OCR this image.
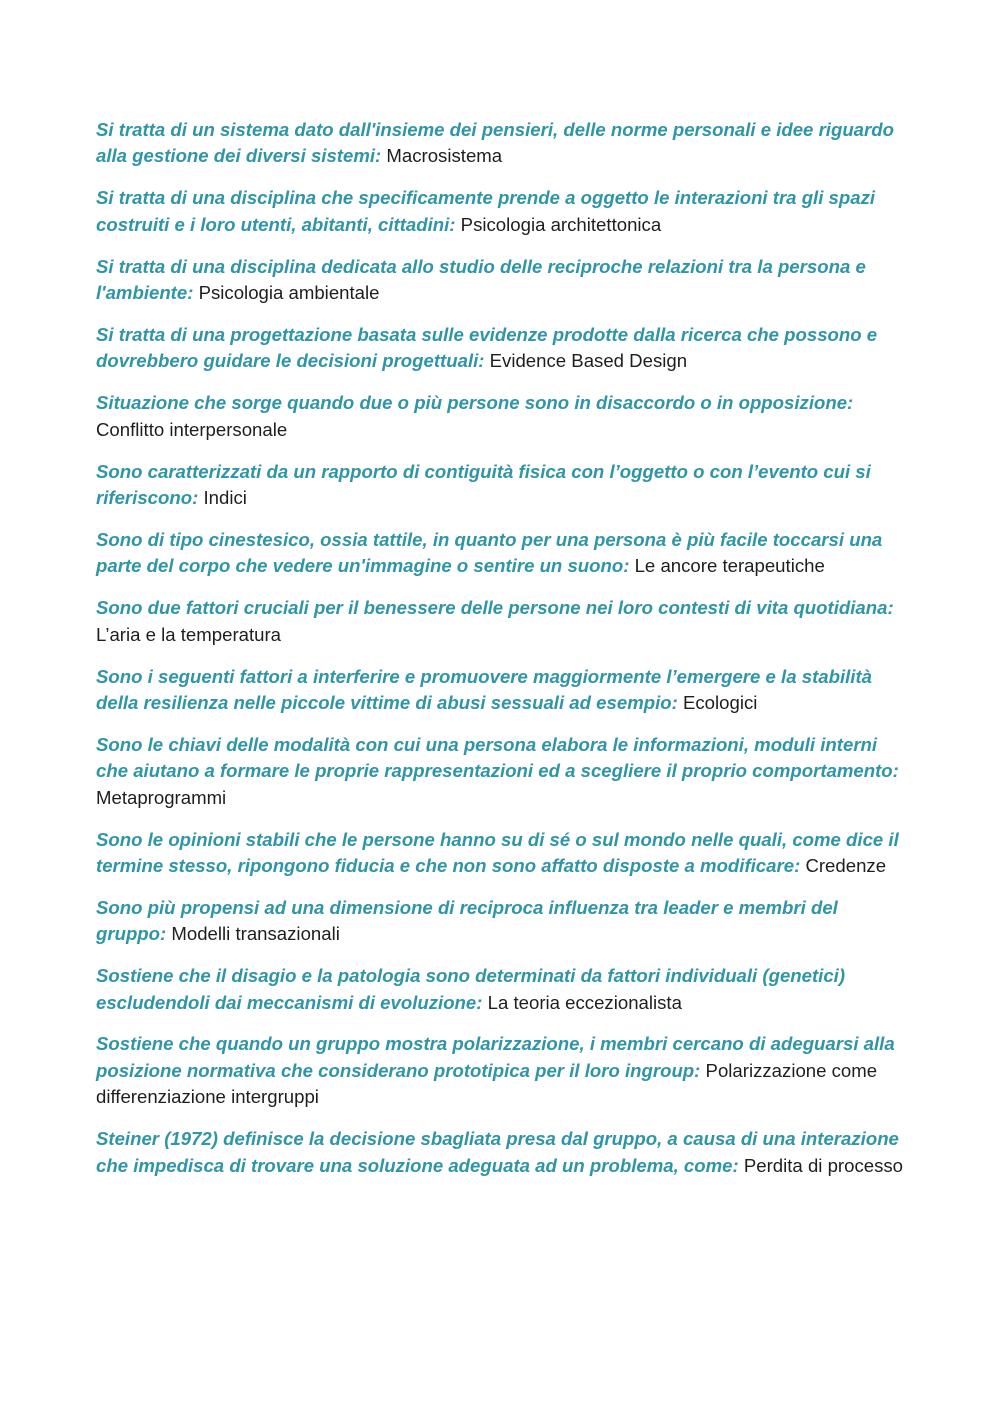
Si tratta di un sistema dato dall'insieme dei pensieri, delle norme personali e idee riguardo alla gestione dei diversi sistemi: Macrosistema

Si tratta di una disciplina che specificamente prende a oggetto le interazioni tra gli spazi costruiti e i loro utenti, abitanti, cittadini: Psicologia architettonica

Si tratta di una disciplina dedicata allo studio delle reciproche relazioni tra la persona e l'ambiente: Psicologia ambientale

Si tratta di una progettazione basata sulle evidenze prodotte dalla ricerca che possono e dovrebbero guidare le decisioni progettuali: Evidence Based Design

Situazione che sorge quando due o più persone sono in disaccordo o in opposizione: Conflitto interpersonale

Sono caratterizzati da un rapporto di contiguità fisica con l’oggetto o con l’evento cui si riferiscono: Indici

Sono di tipo cinestesico, ossia tattile, in quanto per una persona è più facile toccarsi una parte del corpo che vedere un'immagine o sentire un suono: Le ancore terapeutiche

Sono due fattori cruciali per il benessere delle persone nei loro contesti di vita quotidiana: L’aria e la temperatura

Sono i seguenti fattori a interferire e promuovere maggiormente l’emergere e la stabilità della resilienza nelle piccole vittime di abusi sessuali ad esempio: Ecologici

Sono le chiavi delle modalità con cui una persona elabora le informazioni, moduli interni che aiutano a formare le proprie rappresentazioni ed a scegliere il proprio comportamento: Metaprogrammi

Sono le opinioni stabili che le persone hanno su di sé o sul mondo nelle quali, come dice il termine stesso, ripongono fiducia e che non sono affatto disposte a modificare: Credenze

Sono più propensi ad una dimensione di reciproca influenza tra leader e membri del gruppo: Modelli transazionali

Sostiene che il disagio e la patologia sono determinati da fattori individuali (genetici) escludendoli dai meccanismi di evoluzione: La teoria eccezionalista

Sostiene che quando un gruppo mostra polarizzazione, i membri cercano di adeguarsi alla posizione normativa che considerano prototipica per il loro ingroup: Polarizzazione come differenziazione intergruppi

Steiner (1972) definisce la decisione sbagliata presa dal gruppo, a causa di una interazione che impedisca di trovare una soluzione adeguata ad un problema, come: Perdita di processo
